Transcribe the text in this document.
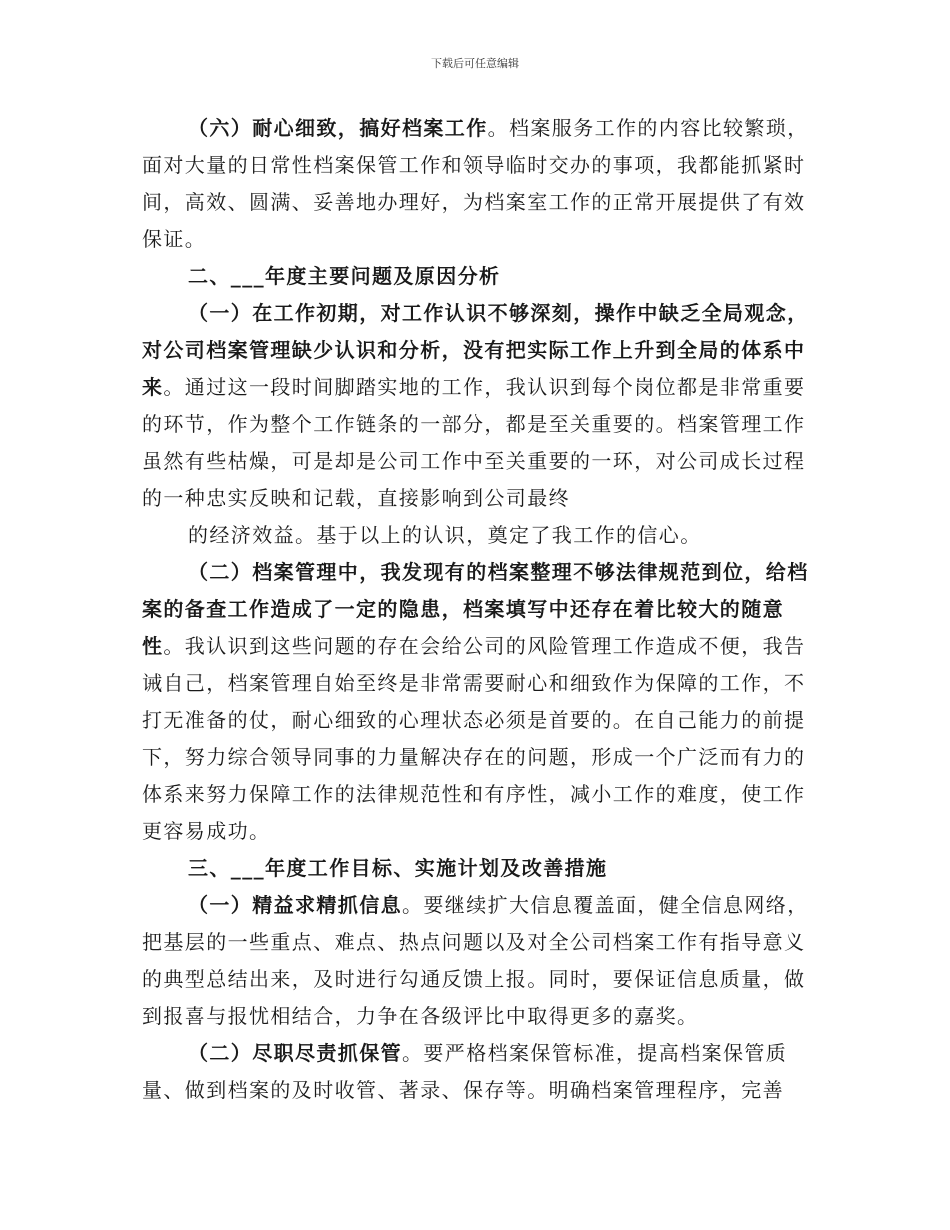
下载后可任意编辑

（六）耐心细致，搞好档案工作。档案服务工作的内容比较繁琐，面对大量的日常性档案保管工作和领导临时交办的事项，我都能抓紧时间，高效、圆满、妥善地办理好，为档案室工作的正常开展提供了有效保证。

二、___年度主要问题及原因分析

（一）在工作初期，对工作认识不够深刻，操作中缺乏全局观念，对公司档案管理缺少认识和分析，没有把实际工作上升到全局的体系中来。通过这一段时间脚踏实地的工作，我认识到每个岗位都是非常重要的环节，作为整个工作链条的一部分，都是至关重要的。档案管理工作虽然有些枯燥，可是却是公司工作中至关重要的一环，对公司成长过程的一种忠实反映和记载，直接影响到公司最终

的经济效益。基于以上的认识，奠定了我工作的信心。

（二）档案管理中，我发现有的档案整理不够法律规范到位，给档案的备查工作造成了一定的隐患，档案填写中还存在着比较大的随意性。我认识到这些问题的存在会给公司的风险管理工作造成不便，我告诫自己，档案管理自始至终是非常需要耐心和细致作为保障的工作，不打无准备的仗，耐心细致的心理状态必须是首要的。在自己能力的前提下，努力综合领导同事的力量解决存在的问题，形成一个广泛而有力的体系来努力保障工作的法律规范性和有序性，减小工作的难度，使工作更容易成功。

三、___年度工作目标、实施计划及改善措施

（一）精益求精抓信息。要继续扩大信息覆盖面，健全信息网络，把基层的一些重点、难点、热点问题以及对全公司档案工作有指导意义的典型总结出来，及时进行勾通反馈上报。同时，要保证信息质量，做到报喜与报忧相结合，力争在各级评比中取得更多的嘉奖。

（二）尽职尽责抓保管。要严格档案保管标准，提高档案保管质量、做到档案的及时收管、著录、保存等。明确档案管理程序，完善
